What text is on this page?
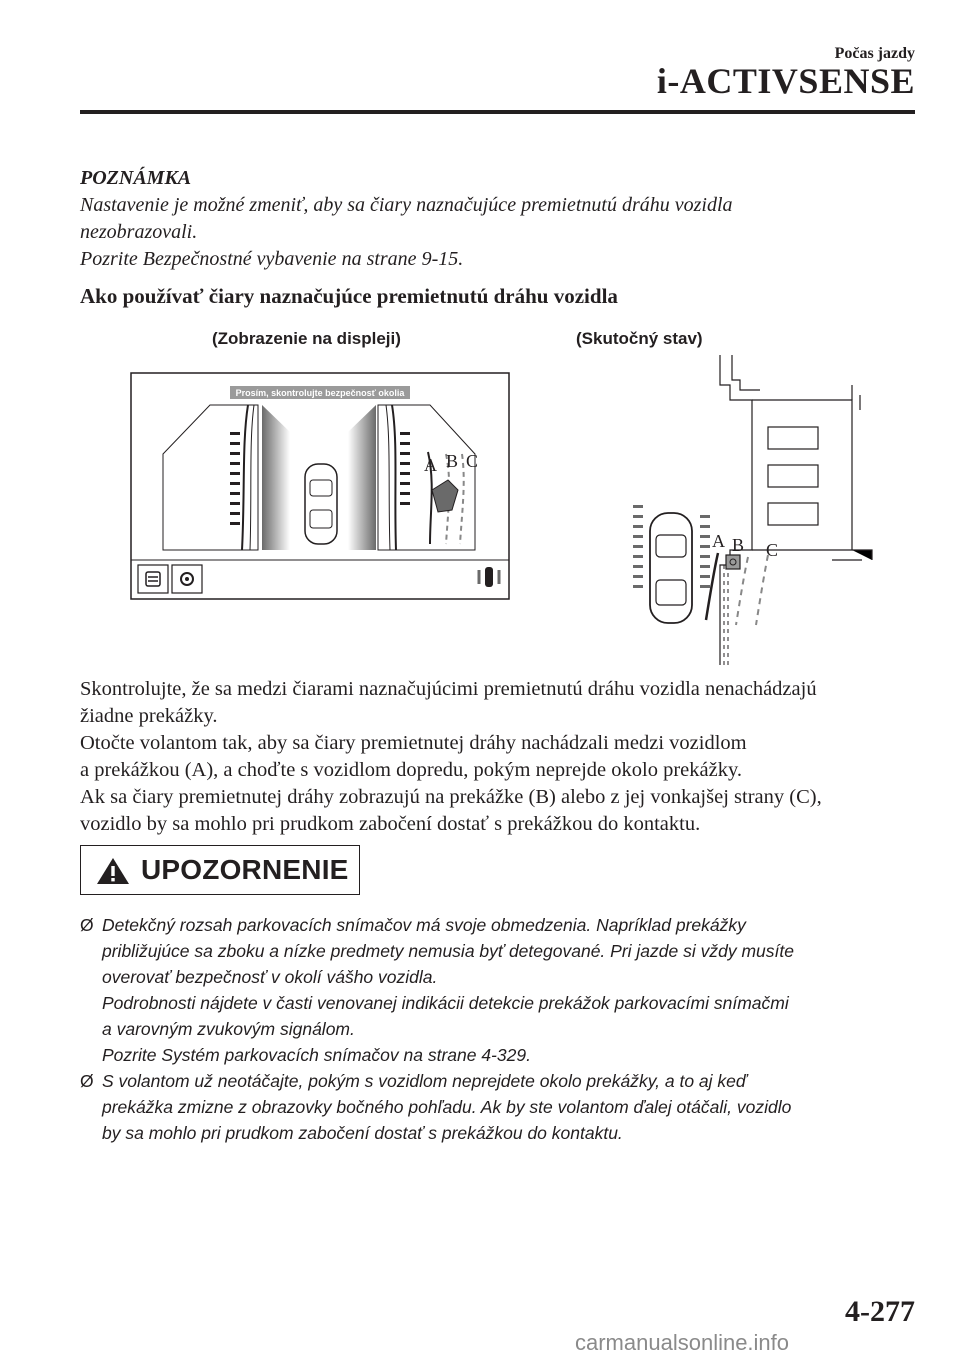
Počas jazdy
i-ACTIVSENSE
POZNÁMKA
Nastavenie je možné zmeniť, aby sa čiary naznačujúce premietnutú dráhu vozidla
nezobrazovali.
Pozrite Bezpečnostné vybavenie na strane 9-15.
Ako používať čiary naznačujúce premietnutú dráhu vozidla
(Zobrazenie na displeji)	(Skutočný stav)
Prosím, skontrolujte bezpečnosť okolia
A B C
A B C

Skontrolujte, že sa medzi čiarami naznačujúcimi premietnutú dráhu vozidla nenachádzajú

žiadne prekážky.

Otočte volantom tak, aby sa čiary premietnutej dráhy nachádzali medzi vozidlom

a prekážkou (A), a choďte s vozidlom dopredu, pokým neprejde okolo prekážky.

Ak sa čiary premietnutej dráhy zobrazujú na prekážke (B) alebo z jej vonkajšej strany (C),

vozidlo by sa mohlo pri prudkom zabočení dostať s prekážkou do kontaktu.

UPOZORNENIE
Ø Detekčný rozsah parkovacích snímačov má svoje obmedzenia. Napríklad prekážky

približujúce sa zboku a nízke predmety nemusia byť detegované. Pri jazde si vždy musíte

overovať bezpečnosť v okolí vášho vozidla.

Podrobnosti nájdete v časti venovanej indikácii detekcie prekážok parkovacími snímačmi

a varovným zvukovým signálom.

Pozrite Systém parkovacích snímačov na strane 4-329.

Ø S volantom už neotáčajte, pokým s vozidlom neprejdete okolo prekážky, a to aj keď

prekážka zmizne z obrazovky bočného pohľadu. Ak by ste volantom ďalej otáčali, vozidlo

by sa mohlo pri prudkom zabočení dostať s prekážkou do kontaktu.

4-277
carmanualsonline.info
